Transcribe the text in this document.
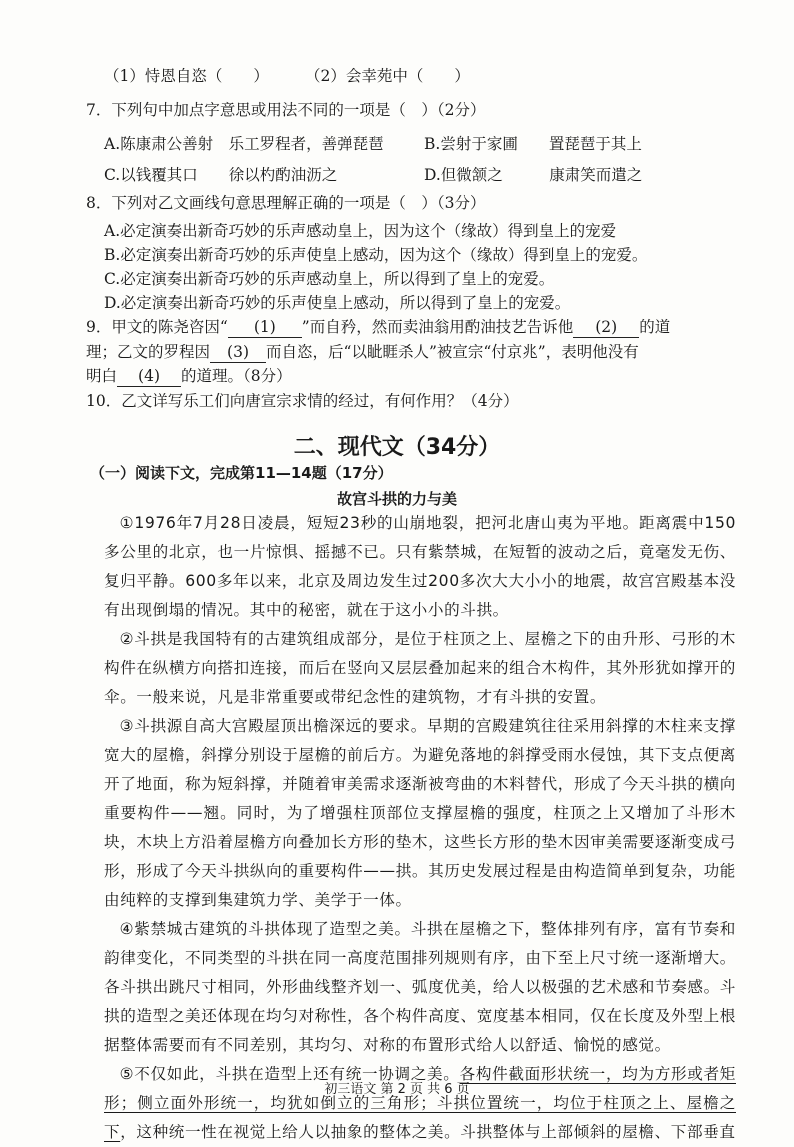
（1）恃恩自恣（　　） （2）会幸苑中（　　）
7．下列句中加点字意思或用法不同的一项是（　）（2分）
A.陈康肃公善射　乐工罗程者，善弹琵琶	B.尝射于家圃　　置琵琶于其上
C.以钱覆其口　　徐以杓酌油沥之	D.但微颔之　　　康肃笑而遣之
8．下列对乙文画线句意思理解正确的一项是（　）（3分）
A.必定演奏出新奇巧妙的乐声感动皇上，因为这个（缘故）得到皇上的宠爱
B.必定演奏出新奇巧妙的乐声使皇上感动，因为这个（缘故）得到皇上的宠爱。
C.必定演奏出新奇巧妙的乐声感动皇上，所以得到了皇上的宠爱。
D.必定演奏出新奇巧妙的乐声使皇上感动，所以得到了皇上的宠爱。
9．甲文的陈尧咨因“ (1) ”而自矜，然而卖油翁用酌油技艺告诉他 (2) 的道
理；乙文的罗程因 (3) 而自恣，后“以眦睚杀人”被宣宗“付京兆”，表明他没有
明白 (4) 的道理。（8分）
10．乙文详写乐工们向唐宣宗求情的经过，有何作用？（4分）
二、现代文（34分）
（一）阅读下文，完成第11—14题（17分）
故宫斗拱的力与美

①1976年7月28日凌晨，短短23秒的山崩地裂，把河北唐山夷为平地。距离震中150多公里的北京，也一片惊惧、摇撼不已。只有紫禁城，在短暂的波动之后，竟毫发无伤、复归平静。600多年以来，北京及周边发生过200多次大大小小的地震，故宫宫殿基本没有出现倒塌的情况。其中的秘密，就在于这小小的斗拱。

②斗拱是我国特有的古建筑组成部分，是位于柱顶之上、屋檐之下的由升形、弓形的木构件在纵横方向搭扣连接，而后在竖向又层层叠加起来的组合木构件，其外形犹如撑开的伞。一般来说，凡是非常重要或带纪念性的建筑物，才有斗拱的安置。

③斗拱源自高大宫殿屋顶出檐深远的要求。早期的宫殿建筑往往采用斜撑的木柱来支撑宽大的屋檐，斜撑分别设于屋檐的前后方。为避免落地的斜撑受雨水侵蚀，其下支点便离开了地面，称为短斜撑，并随着审美需求逐渐被弯曲的木料替代，形成了今天斗拱的横向重要构件——翘。同时，为了增强柱顶部位支撑屋檐的强度，柱顶之上又增加了斗形木块，木块上方沿着屋檐方向叠加长方形的垫木，这些长方形的垫木因审美需要逐渐变成弓形，形成了今天斗拱纵向的重要构件——拱。其历史发展过程是由构造简单到复杂，功能由纯粹的支撑到集建筑力学、美学于一体。

④紫禁城古建筑的斗拱体现了造型之美。斗拱在屋檐之下，整体排列有序，富有节奏和韵律变化，不同类型的斗拱在同一高度范围排列规则有序，由下至上尺寸统一逐渐增大。各斗拱出跳尺寸相同，外形曲线整齐划一、弧度优美，给人以极强的艺术感和节奏感。斗拱的造型之美还体现在均匀对称性，各个构件高度、宽度基本相同，仅在长度及外型上根据整体需要而有不同差别，其均匀、对称的布置形式给人以舒适、愉悦的感觉。

⑤不仅如此，斗拱在造型上还有统一协调之美。各构件截面形状统一，均为方形或者矩形；侧立面外形统一，均犹如倒立的三角形；斗拱位置统一，均位于柱顶之上、屋檐之下，这种统一性在视觉上给人以抽象的整体之美。斗拱整体与上部倾斜的屋檐、下部垂直

初三语文 第 2 页 共 6 页
